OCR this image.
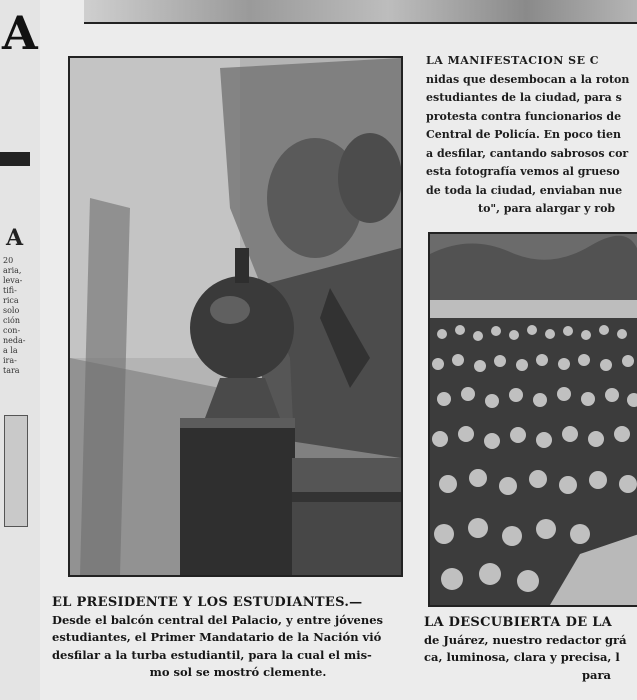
A
A
20
aria,
leva-
tifi-
rica
solo
ción
con-
neda-
a la
ira-
tara
LA MANIFESTACION SE C
nidas que desembocan a la roton
estudiantes de la ciudad, para s
protesta contra funcionarios de
Central de Policía. En poco tien
a desfilar, cantando sabrosos cor
esta fotografía vemos al grueso
de toda la ciudad, enviaban nue
to", para alargar y rob
EL PRESIDENTE Y LOS ESTUDIANTES.—
Desde el balcón central del Palacio, y entre jóvenes
estudiantes, el Primer Mandatario de la Nación vió
desfilar a la turba estudiantil, para la cual el mis-
mo sol se mostró clemente.
LA DESCUBIERTA DE LA
de Juárez, nuestro redactor grá
ca, luminosa, clara y precisa, l
para
